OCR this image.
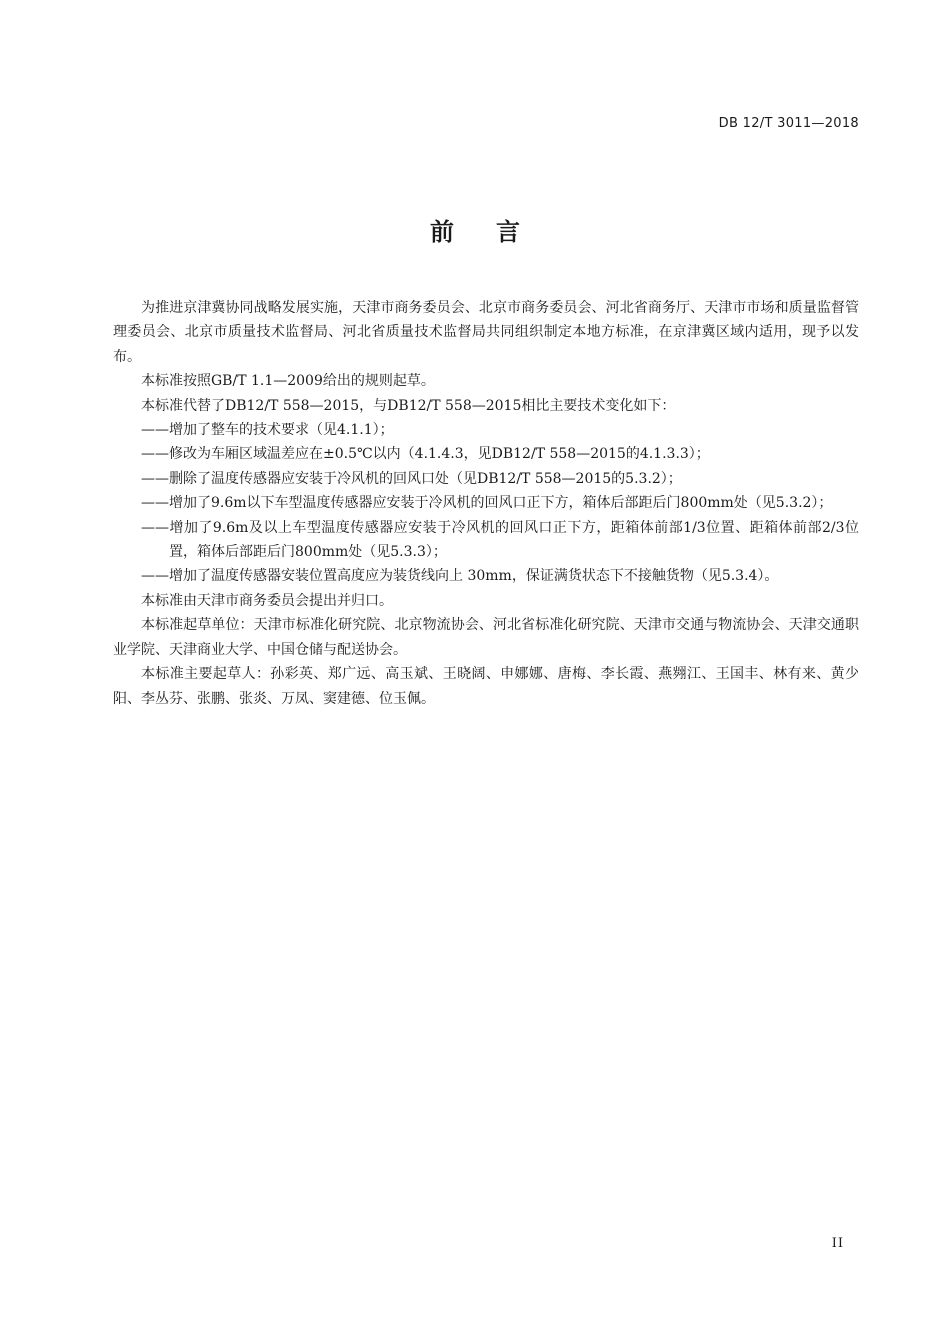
DB 12/T 3011—2018
前言

为推进京津冀协同战略发展实施，天津市商务委员会、北京市商务委员会、河北省商务厅、天津市市场和质量监督管理委员会、北京市质量技术监督局、河北省质量技术监督局共同组织制定本地方标准，在京津冀区域内适用，现予以发布。

本标准按照GB/T 1.1—2009给出的规则起草。

本标准代替了DB12/T 558—2015，与DB12/T 558—2015相比主要技术变化如下：

——增加了整车的技术要求（见4.1.1）；

——修改为车厢区域温差应在±0.5℃以内（4.1.4.3，见DB12/T 558—2015的4.1.3.3）；

——删除了温度传感器应安装于冷风机的回风口处（见DB12/T 558—2015的5.3.2）；

——增加了9.6m以下车型温度传感器应安装于冷风机的回风口正下方，箱体后部距后门800mm处（见5.3.2）；

——增加了9.6m及以上车型温度传感器应安装于冷风机的回风口正下方，距箱体前部1/3位置、距箱体前部2/3位置，箱体后部距后门800mm处（见5.3.3）；

——增加了温度传感器安装位置高度应为装货线向上 30mm，保证满货状态下不接触货物（见5.3.4）。

本标准由天津市商务委员会提出并归口。

本标准起草单位：天津市标准化研究院、北京物流协会、河北省标准化研究院、天津市交通与物流协会、天津交通职业学院、天津商业大学、中国仓储与配送协会。

本标准主要起草人：孙彩英、郑广远、高玉斌、王晓阔、申娜娜、唐梅、李长霞、燕翙江、王国丰、林有来、黄少阳、李丛芬、张鹏、张炎、万凤、窦建德、位玉佩。

II
